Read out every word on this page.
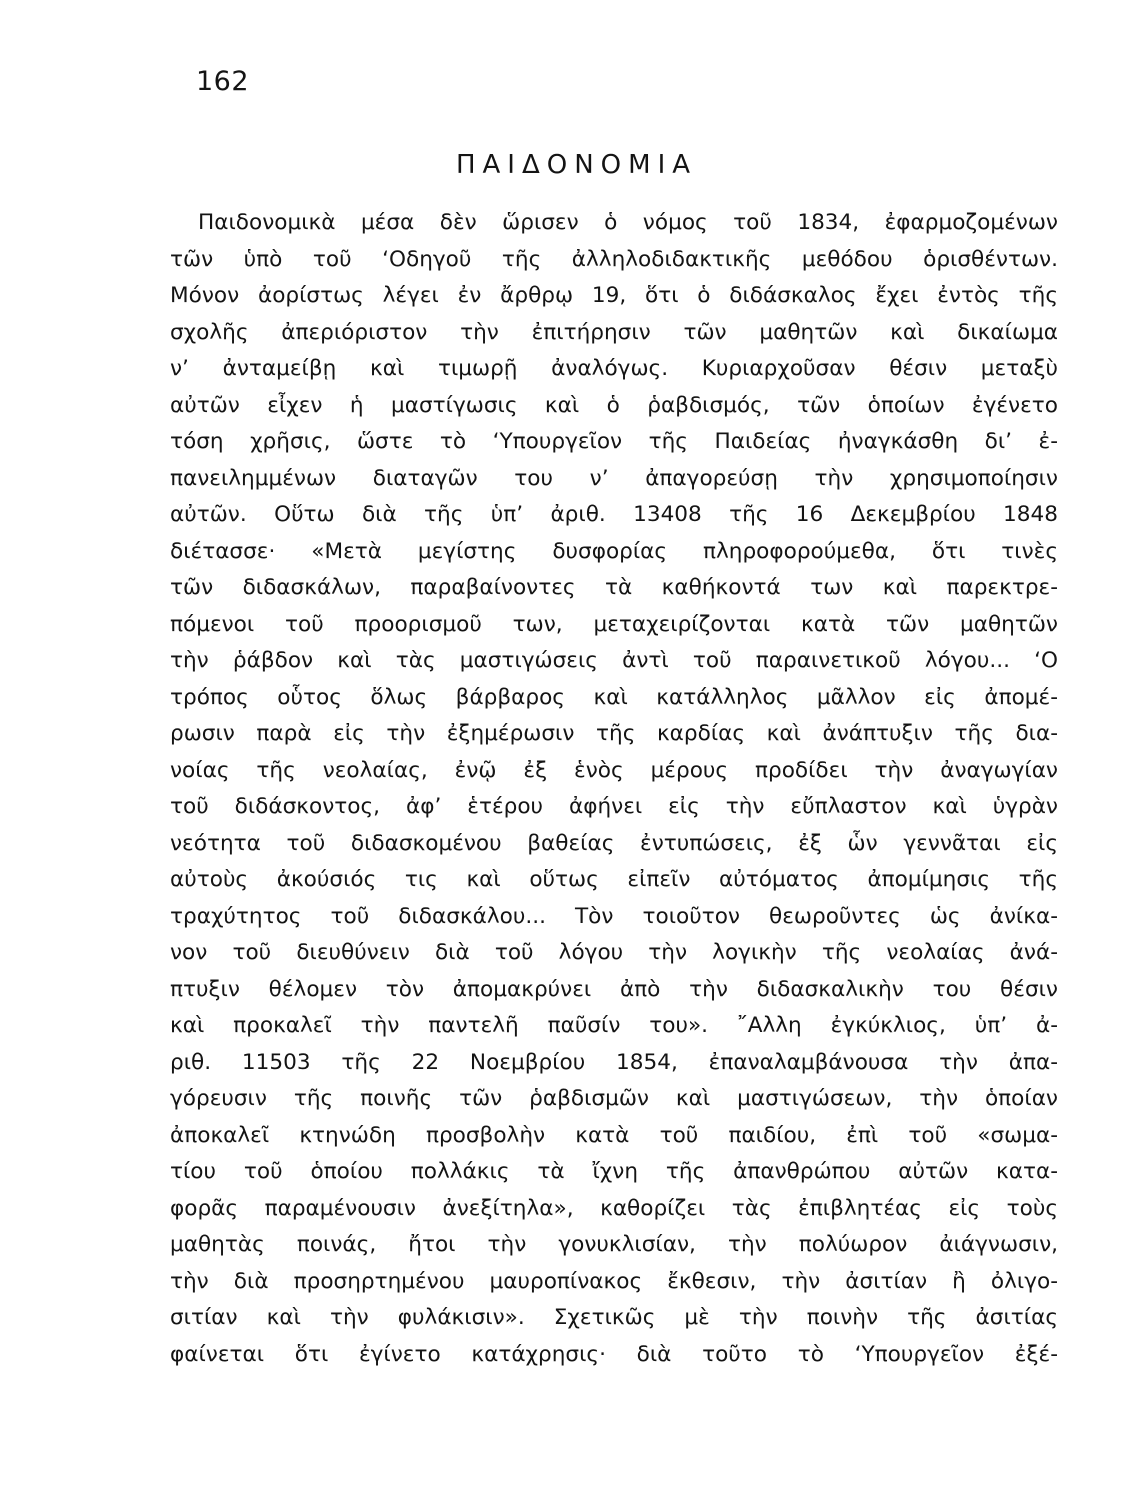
162
ΠΑΙΔΟΝΟΜΙΑ
Παιδονομικὰ μέσα δὲν ὥρισεν ὁ νόμος τοῦ 1834, ἐφαρμοζομένων
τῶν ὑπὸ τοῦ ‘Οδηγοῦ τῆς ἀλληλοδιδακτικῆς μεθόδου ὁρισθέντων.
Μόνον ἀορίστως λέγει ἐν ἄρθρῳ 19, ὅτι ὁ διδάσκαλος ἔχει ἐντὸς τῆς
σχολῆς ἀπεριόριστον τὴν ἐπιτήρησιν τῶν μαθητῶν καὶ δικαίωμα
ν’ ἀνταμείβῃ καὶ τιμωρῇ ἀναλόγως. Κυριαρχοῦσαν θέσιν μεταξὺ
αὐτῶν εἶχεν ἡ μαστίγωσις καὶ ὁ ῥαβδισμός, τῶν ὁποίων ἐγένετο
τόση χρῆσις, ὥστε τὸ ‘Υπουργεῖον τῆς Παιδείας ἠναγκάσθη δι’ ἐ-
πανειλημμένων διαταγῶν του ν’ ἀπαγορεύσῃ τὴν χρησιμοποίησιν
αὐτῶν. Οὕτω διὰ τῆς ὑπ’ ἀριθ. 13408 τῆς 16 Δεκεμβρίου 1848
διέτασσε· «Μετὰ μεγίστης δυσφορίας πληροφορούμεθα, ὅτι τινὲς
τῶν διδασκάλων, παραβαίνοντες τὰ καθήκοντά των καὶ παρεκτρε-
πόμενοι τοῦ προορισμοῦ των, μεταχειρίζονται κατὰ τῶν μαθητῶν
τὴν ῥάβδον καὶ τὰς μαστιγώσεις ἀντὶ τοῦ παραινετικοῦ λόγου... ‘Ο
τρόπος οὗτος ὅλως βάρβαρος καὶ κατάλληλος μᾶλλον εἰς ἀπομέ-
ρωσιν παρὰ εἰς τὴν ἐξημέρωσιν τῆς καρδίας καὶ ἀνάπτυξιν τῆς δια-
νοίας τῆς νεολαίας, ἐνῷ ἐξ ἑνὸς μέρους προδίδει τὴν ἀναγωγίαν
τοῦ διδάσκοντος, ἀφ’ ἑτέρου ἀφήνει εἰς τὴν εὔπλαστον καὶ ὑγρὰν
νεότητα τοῦ διδασκομένου βαθείας ἐντυπώσεις, ἐξ ὧν γεννᾶται εἰς
αὐτοὺς ἀκούσιός τις καὶ οὕτως εἰπεῖν αὐτόματος ἀπομίμησις τῆς
τραχύτητος τοῦ διδασκάλου... Τὸν τοιοῦτον θεωροῦντες ὡς ἀνίκα-
νον τοῦ διευθύνειν διὰ τοῦ λόγου τὴν λογικὴν τῆς νεολαίας ἀνά-
πτυξιν θέλομεν τὸν ἀπομακρύνει ἀπὸ τὴν διδασκαλικὴν του θέσιν
καὶ προκαλεῖ τὴν παντελῆ παῦσίν του». ῎Αλλη ἐγκύκλιος, ὑπ’ ἀ-
ριθ. 11503 τῆς 22 Νοεμβρίου 1854, ἐπαναλαμβάνουσα τὴν ἀπα-
γόρευσιν τῆς ποινῆς τῶν ῥαβδισμῶν καὶ μαστιγώσεων, τὴν ὁποίαν
ἀποκαλεῖ κτηνώδη προσβολὴν κατὰ τοῦ παιδίου, ἐπὶ τοῦ «σωμα-
τίου τοῦ ὁποίου πολλάκις τὰ ἴχνη τῆς ἀπανθρώπου αὐτῶν κατα-
φορᾶς παραμένουσιν ἀνεξίτηλα», καθορίζει τὰς ἐπιβλητέας εἰς τοὺς
μαθητὰς ποινάς, ἤτοι τὴν γονυκλισίαν, τὴν πολύωρον ἀιάγνωσιν,
τὴν διὰ προσηρτημένου μαυροπίνακος ἔκθεσιν, τὴν ἀσιτίαν ἢ ὀλιγο-
σιτίαν καὶ τὴν φυλάκισιν». Σχετικῶς μὲ τὴν ποινὴν τῆς ἀσιτίας
φαίνεται ὅτι ἐγίνετο κατάχρησις· διὰ τοῦτο τὸ ‘Υπουργεῖον ἐξέ-
